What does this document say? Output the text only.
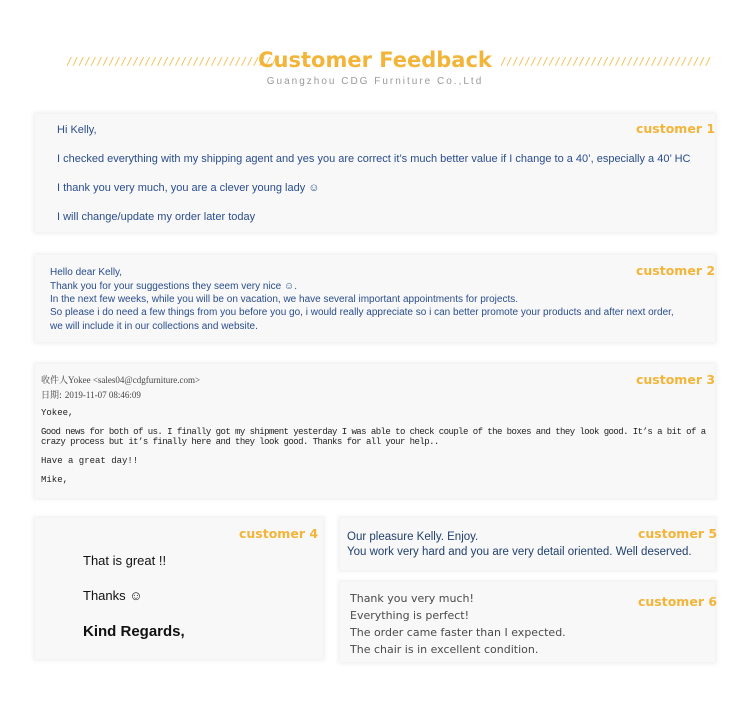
///////////////////////////////////	///////////////////////////////////
Customer Feedback
Guangzhou CDG Furniture Co.,Ltd
customer 1
Hi Kelly,
I checked everything with my shipping agent and yes you are correct it’s much better value if I change to a 40’, especially a 40’ HC
I thank you very much, you are a clever young lady ☺
I will change/update my order later today
customer 2
Hello dear Kelly,
Thank you for your suggestions they seem very nice ☺.
In the next few weeks, while you will be on vacation, we have several important appointments for projects.
So please i do need a few things from you before you go, i would really appreciate so i can better promote your products and after next order,
we will include it in our collections and website.
customer 3
收件人Yokee <sales04@cdgfurniture.com>
日期: 2019-11-07 08:46:09
Yokee,
Good news for both of us. I finally got my shipment yesterday I was able to check couple of the boxes and they look good. It’s a bit of a
crazy process but it’s finally here and they look good. Thanks for all your help..
Have a great day!!
Mike,
customer 4
That is great !!
Thanks ☺
Kind Regards,
customer 5
Our pleasure Kelly. Enjoy.
You work very hard and you are very detail oriented. Well deserved.
customer 6
Thank you very much!
Everything is perfect!
The order came faster than I expected.
The chair is in excellent condition.
